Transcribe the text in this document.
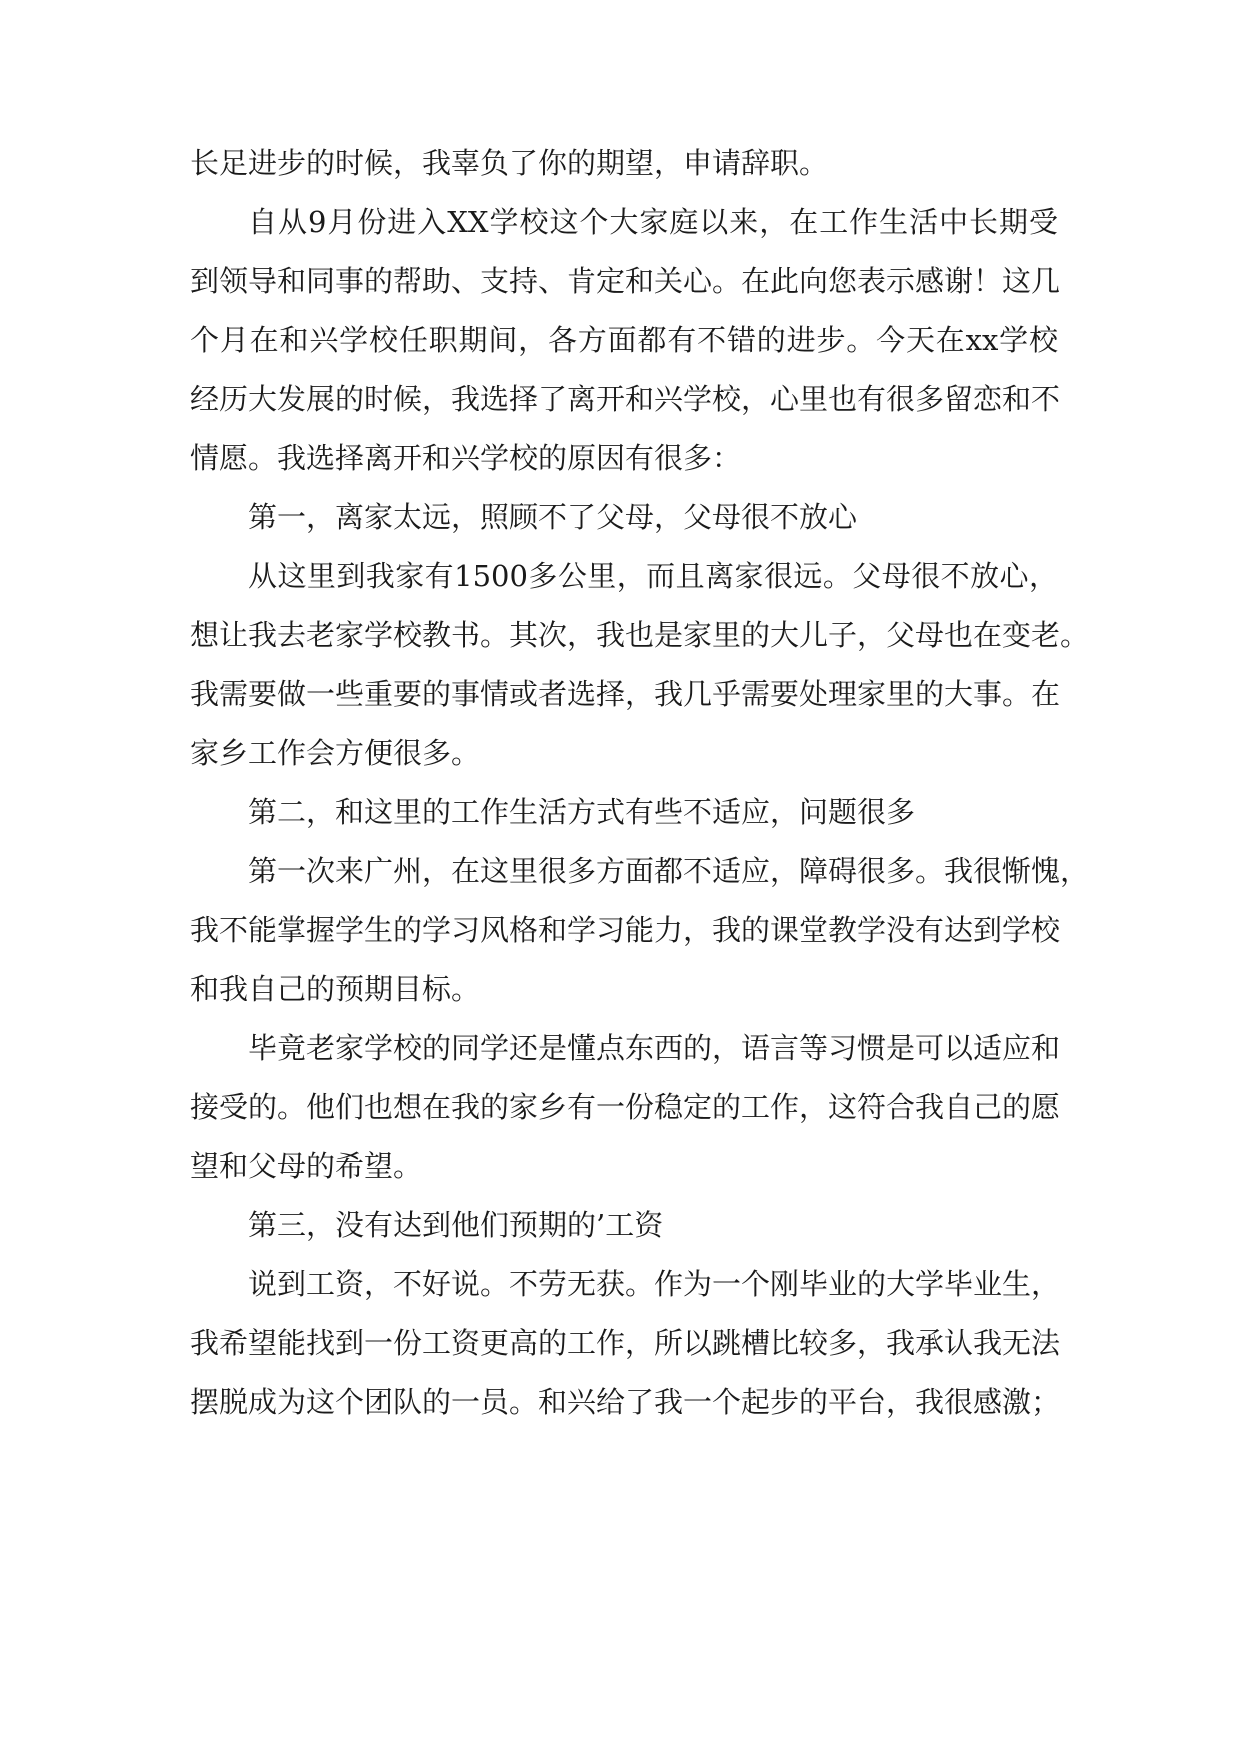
长足进步的时候，我辜负了你的期望，申请辞职。
自从9月份进入XX学校这个大家庭以来，在工作生活中长期受
到领导和同事的帮助、支持、肯定和关心。在此向您表示感谢！这几
个月在和兴学校任职期间，各方面都有不错的进步。今天在xx学校
经历大发展的时候，我选择了离开和兴学校，心里也有很多留恋和不
情愿。我选择离开和兴学校的原因有很多：
第一，离家太远，照顾不了父母，父母很不放心
从这里到我家有1500多公里，而且离家很远。父母很不放心，
想让我去老家学校教书。其次，我也是家里的大儿子，父母也在变老。
我需要做一些重要的事情或者选择，我几乎需要处理家里的大事。在
家乡工作会方便很多。
第二，和这里的工作生活方式有些不适应，问题很多
第一次来广州，在这里很多方面都不适应，障碍很多。我很惭愧，
我不能掌握学生的学习风格和学习能力，我的课堂教学没有达到学校
和我自己的预期目标。
毕竟老家学校的同学还是懂点东西的，语言等习惯是可以适应和
接受的。他们也想在我的家乡有一份稳定的工作，这符合我自己的愿
望和父母的希望。
第三，没有达到他们预期的’工资
说到工资，不好说。不劳无获。作为一个刚毕业的大学毕业生，
我希望能找到一份工资更高的工作，所以跳槽比较多，我承认我无法
摆脱成为这个团队的一员。和兴给了我一个起步的平台，我很感激；
